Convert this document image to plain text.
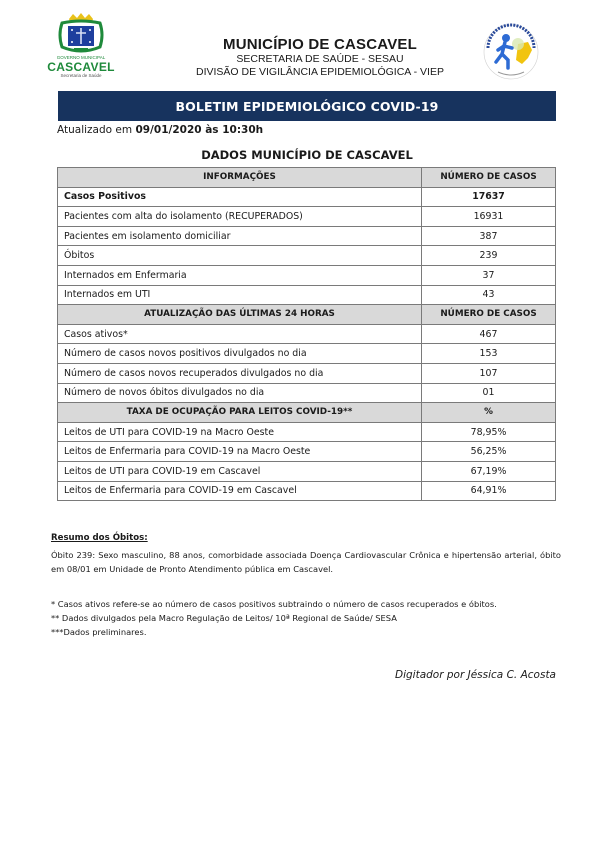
GOVERNO MUNICIPAL
CASCAVEL
Secretaria de Saúde
MUNICÍPIO DE CASCAVEL
SECRETARIA DE SAÚDE - SESAU
DIVISÃO DE VIGILÂNCIA EPIDEMIOLÓGICA - VIEP
BOLETIM EPIDEMIOLÓGICO COVID-19
Atualizado em 09/01/2020 às 10:30h
DADOS MUNICÍPIO DE CASCAVEL
INFORMAÇÕES	NÚMERO DE CASOS
Casos Positivos	17637
Pacientes com alta do isolamento (RECUPERADOS)	16931
Pacientes em isolamento domiciliar	387
Óbitos	239
Internados em Enfermaria	37
Internados em UTI	43
ATUALIZAÇÃO DAS ÚLTIMAS 24 HORAS	NÚMERO DE CASOS
Casos ativos*	467
Número de casos novos positivos divulgados no dia	153
Número de casos novos recuperados divulgados no dia	107
Número de novos óbitos divulgados no dia	01
TAXA DE OCUPAÇÃO PARA LEITOS COVID-19**	%
Leitos de UTI para COVID-19 na Macro Oeste	78,95%
Leitos de Enfermaria para COVID-19 na Macro Oeste	56,25%
Leitos de UTI para COVID-19 em Cascavel	67,19%
Leitos de Enfermaria para COVID-19 em Cascavel	64,91%
Resumo dos Óbitos:
Óbito 239: Sexo masculino, 88 anos, comorbidade associada Doença Cardiovascular Crônica e hipertensão arterial, óbito em 08/01 em Unidade de Pronto Atendimento pública em Cascavel.
* Casos ativos refere-se ao número de casos positivos subtraindo o número de casos recuperados e óbitos.
** Dados divulgados pela Macro Regulação de Leitos/ 10ª Regional de Saúde/ SESA
***Dados preliminares.
Digitador por Jéssica C. Acosta
